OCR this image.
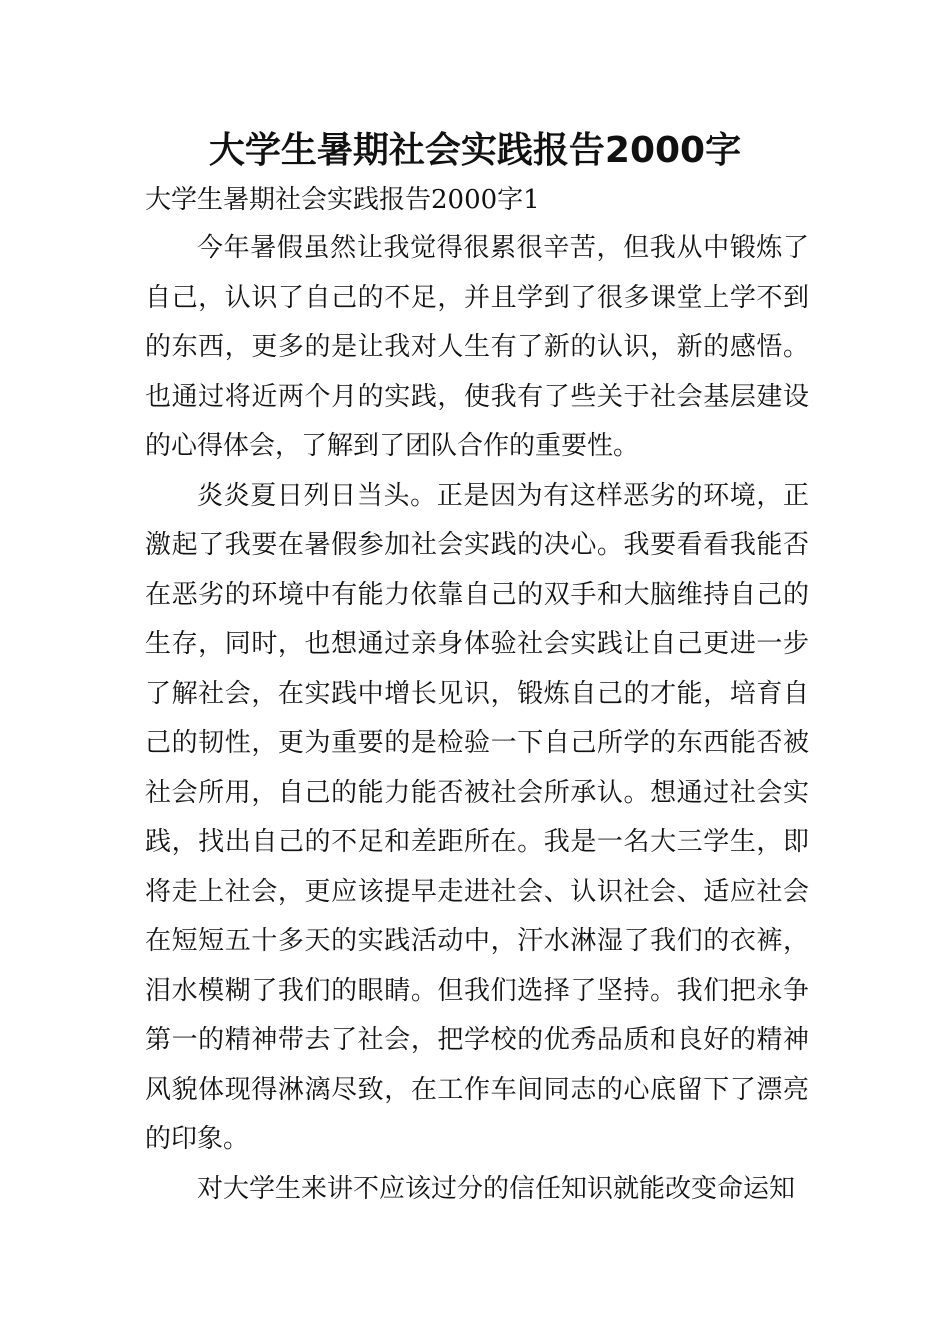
大学生暑期社会实践报告2000字

大学生暑期社会实践报告2000字1

今年暑假虽然让我觉得很累很辛苦，但我从中锻炼了自己，认识了自己的不足，并且学到了很多课堂上学不到的东西，更多的是让我对人生有了新的认识，新的感悟。也通过将近两个月的实践，使我有了些关于社会基层建设的心得体会，了解到了团队合作的重要性。

炎炎夏日列日当头。正是因为有这样恶劣的环境，正激起了我要在暑假参加社会实践的决心。我要看看我能否在恶劣的环境中有能力依靠自己的双手和大脑维持自己的生存，同时，也想通过亲身体验社会实践让自己更进一步了解社会，在实践中增长见识，锻炼自己的才能，培育自己的韧性，更为重要的是检验一下自己所学的东西能否被社会所用，自己的能力能否被社会所承认。想通过社会实践，找出自己的不足和差距所在。我是一名大三学生，即将走上社会，更应该提早走进社会、认识社会、适应社会在短短五十多天的实践活动中，汗水淋湿了我们的衣裤，泪水模糊了我们的眼睛。但我们选择了坚持。我们把永争第一的精神带去了社会，把学校的优秀品质和良好的精神风貌体现得淋漓尽致，在工作车间同志的心底留下了漂亮的印象。

对大学生来讲不应该过分的信任知识就能改变命运知
